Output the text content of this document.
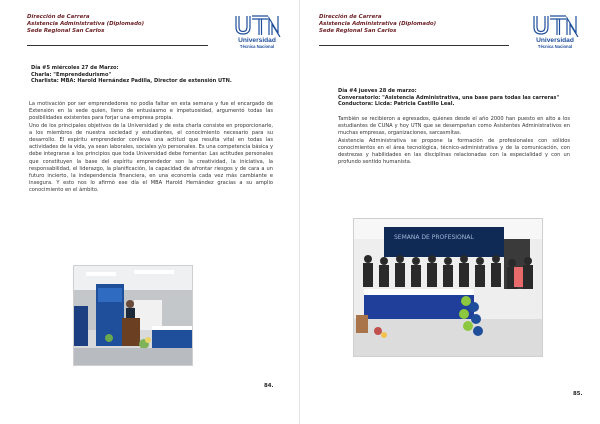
Dirección de Carrera
Asistencia Administrativa (Diplomado)
Sede Regional San Carlos
Universidad
Técnica Nacional
Día #5 miércoles 27 de Marzo:
Charla: "Emprendedurismo"
Charlista: MBA: Harold Hernández Padilla, Director de extensión UTN.

La motivación por ser emprendedores no podía faltar en esta semana y fue el encargado de Extensión en la sede quien, lleno de entusiasmo e impetuosidad, argumentó todas las posibilidades existentes para forjar una empresa propia.

Uno de los principales objetivos de la Universidad y de esta charla consiste en proporcionarle, a los miembros de nuestra sociedad y estudiantes, el conocimiento necesario para su desarrollo. El espíritu emprendedor conlleva una actitud que resulta vital en todas las actividades de la vida, ya sean laborales, sociales y/o personales. Es una competencia básica y debe integrarse a los principios que toda Universidad debe fomentar. Las actitudes personales que constituyen la base del espíritu emprendedor son la creatividad, la iniciativa, la responsabilidad, el liderazgo, la planificación, la capacidad de afrontar riesgos y de cara a un futuro incierto, la independencia financiera, en una economía cada vez más cambiante e insegura. Y esto nos lo afirmó ese día el MBA Harold Hernández gracias a su amplio conocimiento en el ámbito.

84.
Dirección de Carrera
Asistencia Administrativa (Diplomado)
Sede Regional San Carlos
Universidad
Técnica Nacional
Día #4 jueves 28 de marzo:
Conversatorio: "Asistencia Administrativa, una base para todas las carreras"
Conductora: Licda: Patricia Castillo Leal.

También se recibieron a egresados, quienes desde el año 2000 han puesto en alto a los estudiantes de CUNA y hoy UTN que se desempeñan como Asistentes Administrativos en muchas empresas, organizaciones, sarcasmítas.

Asistencia Administrativa se propone la formación de profesionales con sólidos conocimientos en el área tecnológica, técnico-administrativa y de la comunicación, con destrezas y habilidades en las disciplinas relacionadas con la especialidad y con un profundo sentido humanista.

SEMANA DE PROFESIONAL
85.
